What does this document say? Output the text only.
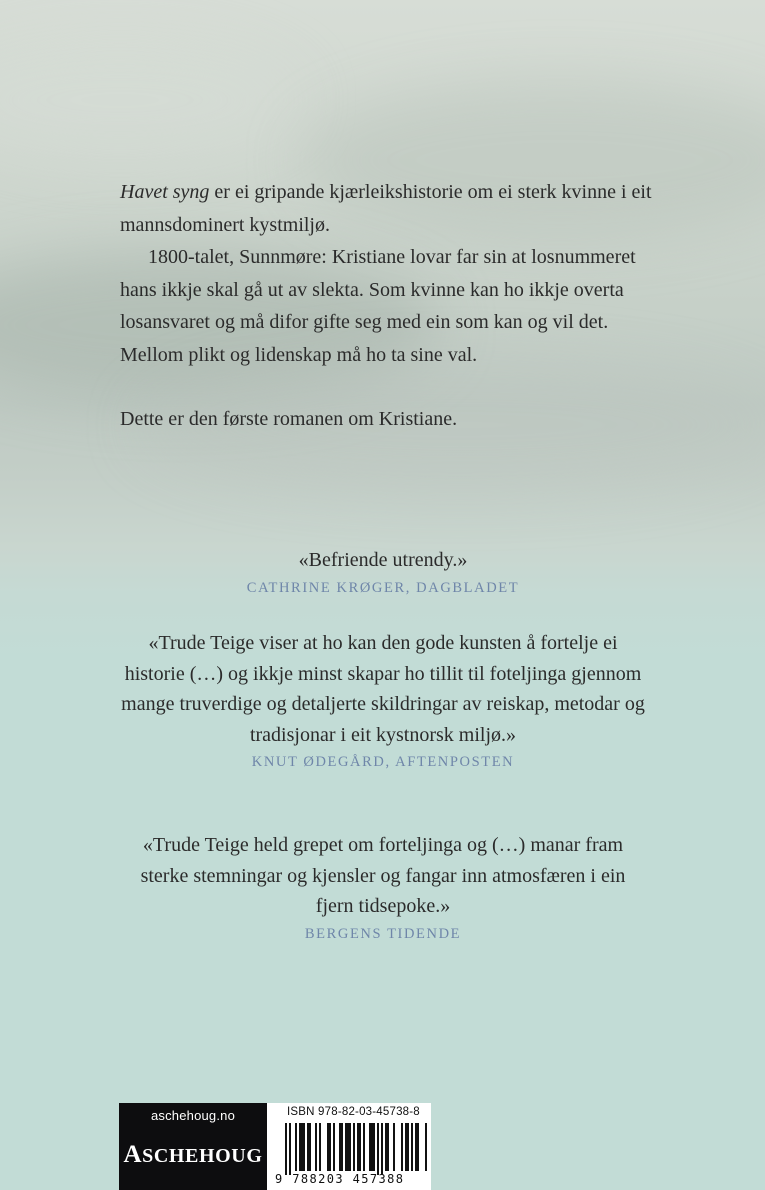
Havet syng er ei gripande kjærleikshistorie om ei sterk kvinne i eit mannsdominert kystmiljø.

1800-talet, Sunnmøre: Kristiane lovar far sin at losnummeret hans ikkje skal gå ut av slekta. Som kvinne kan ho ikkje overta losansvaret og må difor gifte seg med ein som kan og vil det. Mellom plikt og lidenskap må ho ta sine val.

Dette er den første romanen om Kristiane.

«Befriende utrendy.»

CATHRINE KRØGER, DAGBLADET

«Trude Teige viser at ho kan den gode kunsten å fortelje ei historie (…) og ikkje minst skapar ho tillit til foteljinga gjennom mange truverdige og detaljerte skildringar av reiskap, metodar og tradisjonar i eit kystnorsk miljø.»

KNUT ØDEGÅRD, AFTENPOSTEN

«Trude Teige held grepet om forteljinga og (…) manar fram sterke stemningar og kjensler og fangar inn atmosfæren i ein fjern tidsepoke.»

BERGENS TIDENDE
aschehoug.no
ASCHEHOUG
ISBN 978-82-03-45738-8
9 788203 457388
